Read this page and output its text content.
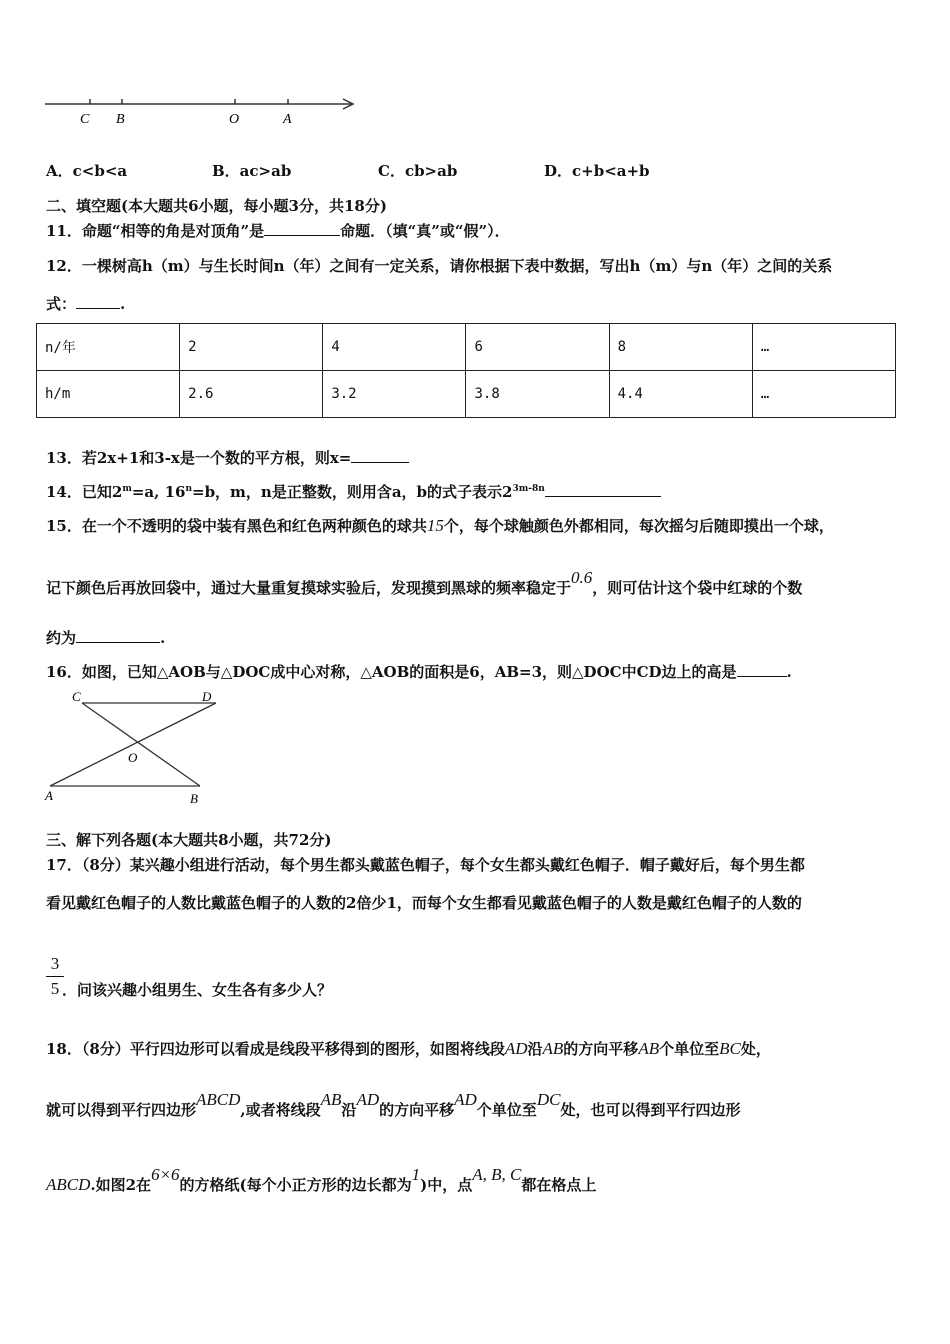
C B	O	A
A．c<b<a	B．ac>ab	C．cb>ab	D．c+b<a+b
二、填空题(本大题共6小题，每小题3分，共18分)
11．命题“相等的角是对顶角”是	命题．（填“真”或“假”）．
12．一棵树高h（m）与生长时间n（年）之间有一定关系，请你根据下表中数据，写出h（m）与n（年）之间的关系
式：	.
n/年	2	4	6	8	…
h/m	2.6	3.2	3.8	4.4	…
13．若2x+1和3-x是一个数的平方根，则x=
14．已知$2^m=a$, $16^n=b$，m，n是正整数，则用含a，b的式子表示$2^{3m-8n}$
15．在一个不透明的袋中装有黑色和红色两种颜色的球共15个，每个球触颜色外都相同，每次摇匀后随即摸出一个球，
记下颜色后再放回袋中，通过大量重复摸球实验后，发现摸到黑球的频率稳定于0.6，则可估计这个袋中红球的个数
约为	.
16．如图，已知△AOB与△DOC成中心对称，△AOB的面积是6，AB=3，则△DOC中CD边上的高是	.
C	D
O
A	B
三、解下列各题(本大题共8小题，共72分)
17．（8分）某兴趣小组进行活动，每个男生都头戴蓝色帽子，每个女生都头戴红色帽子．帽子戴好后，每个男生都
看见戴红色帽子的人数比戴蓝色帽子的人数的2倍少1，而每个女生都看见戴蓝色帽子的人数是戴红色帽子的人数的
3
5 ．问该兴趣小组男生、女生各有多少人？
18．（8分）平行四边形可以看成是线段平移得到的图形，如图将线段AD沿AB的方向平移AB个单位至BC处，
就可以得到平行四边形ABCD,或者将线段AB沿AD的方向平移AD个单位至DC处，也可以得到平行四边形
ABCD.如图2在6×6的方格纸(每个小正方形的边长都为1)中，点A, B, C都在格点上
